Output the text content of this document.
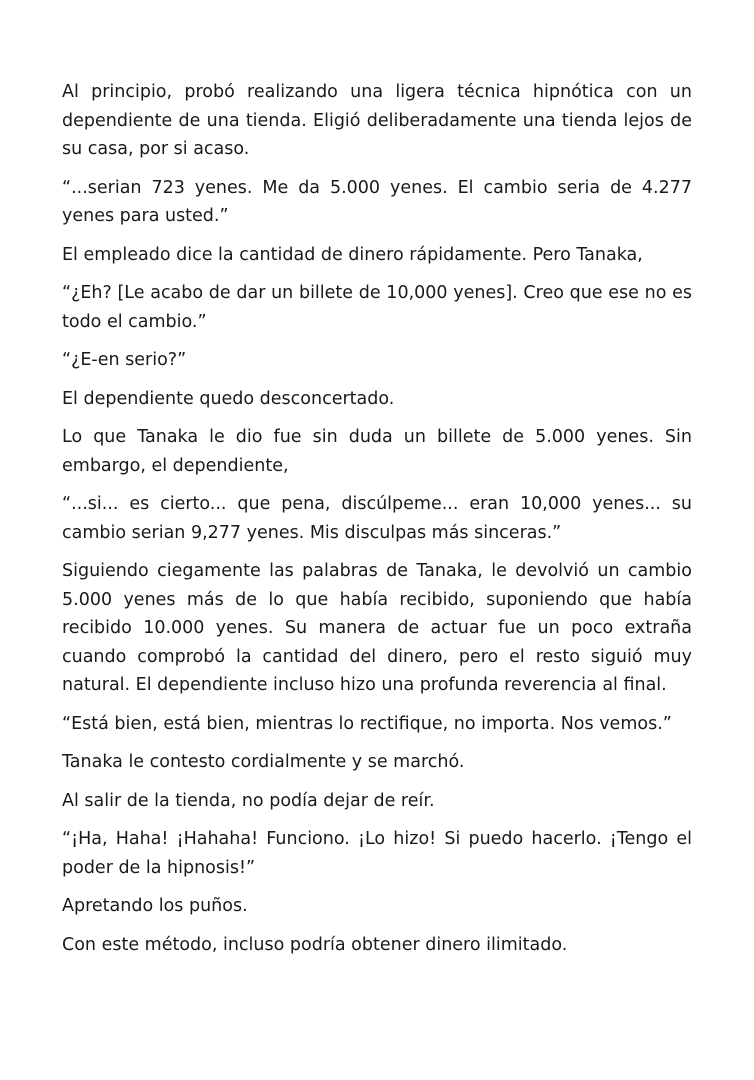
Al principio, probó realizando una ligera técnica hipnótica con un dependiente de una tienda. Eligió deliberadamente una tienda lejos de su casa, por si acaso.

“...serian 723 yenes. Me da 5.000 yenes. El cambio seria de 4.277 yenes para usted.”

El empleado dice la cantidad de dinero rápidamente. Pero Tanaka,

“¿Eh? [Le acabo de dar un billete de 10,000 yenes]. Creo que ese no es todo el cambio.”

“¿E-en serio?”

El dependiente quedo desconcertado.

Lo que Tanaka le dio fue sin duda un billete de 5.000 yenes. Sin embargo, el dependiente,

“...si... es cierto... que pena, discúlpeme... eran 10,000 yenes... su cambio serian 9,277 yenes. Mis disculpas más sinceras.”

Siguiendo ciegamente las palabras de Tanaka, le devolvió un cambio 5.000 yenes más de lo que había recibido, suponiendo que había recibido 10.000 yenes. Su manera de actuar fue un poco extraña cuando comprobó la cantidad del dinero, pero el resto siguió muy natural. El dependiente incluso hizo una profunda reverencia al final.

“Está bien, está bien, mientras lo rectifique, no importa. Nos vemos.”

Tanaka le contesto cordialmente y se marchó.

Al salir de la tienda, no podía dejar de reír.

“¡Ha, Haha! ¡Hahaha! Funciono. ¡Lo hizo! Si puedo hacerlo. ¡Tengo el poder de la hipnosis!”

Apretando los puños.

Con este método, incluso podría obtener dinero ilimitado.
